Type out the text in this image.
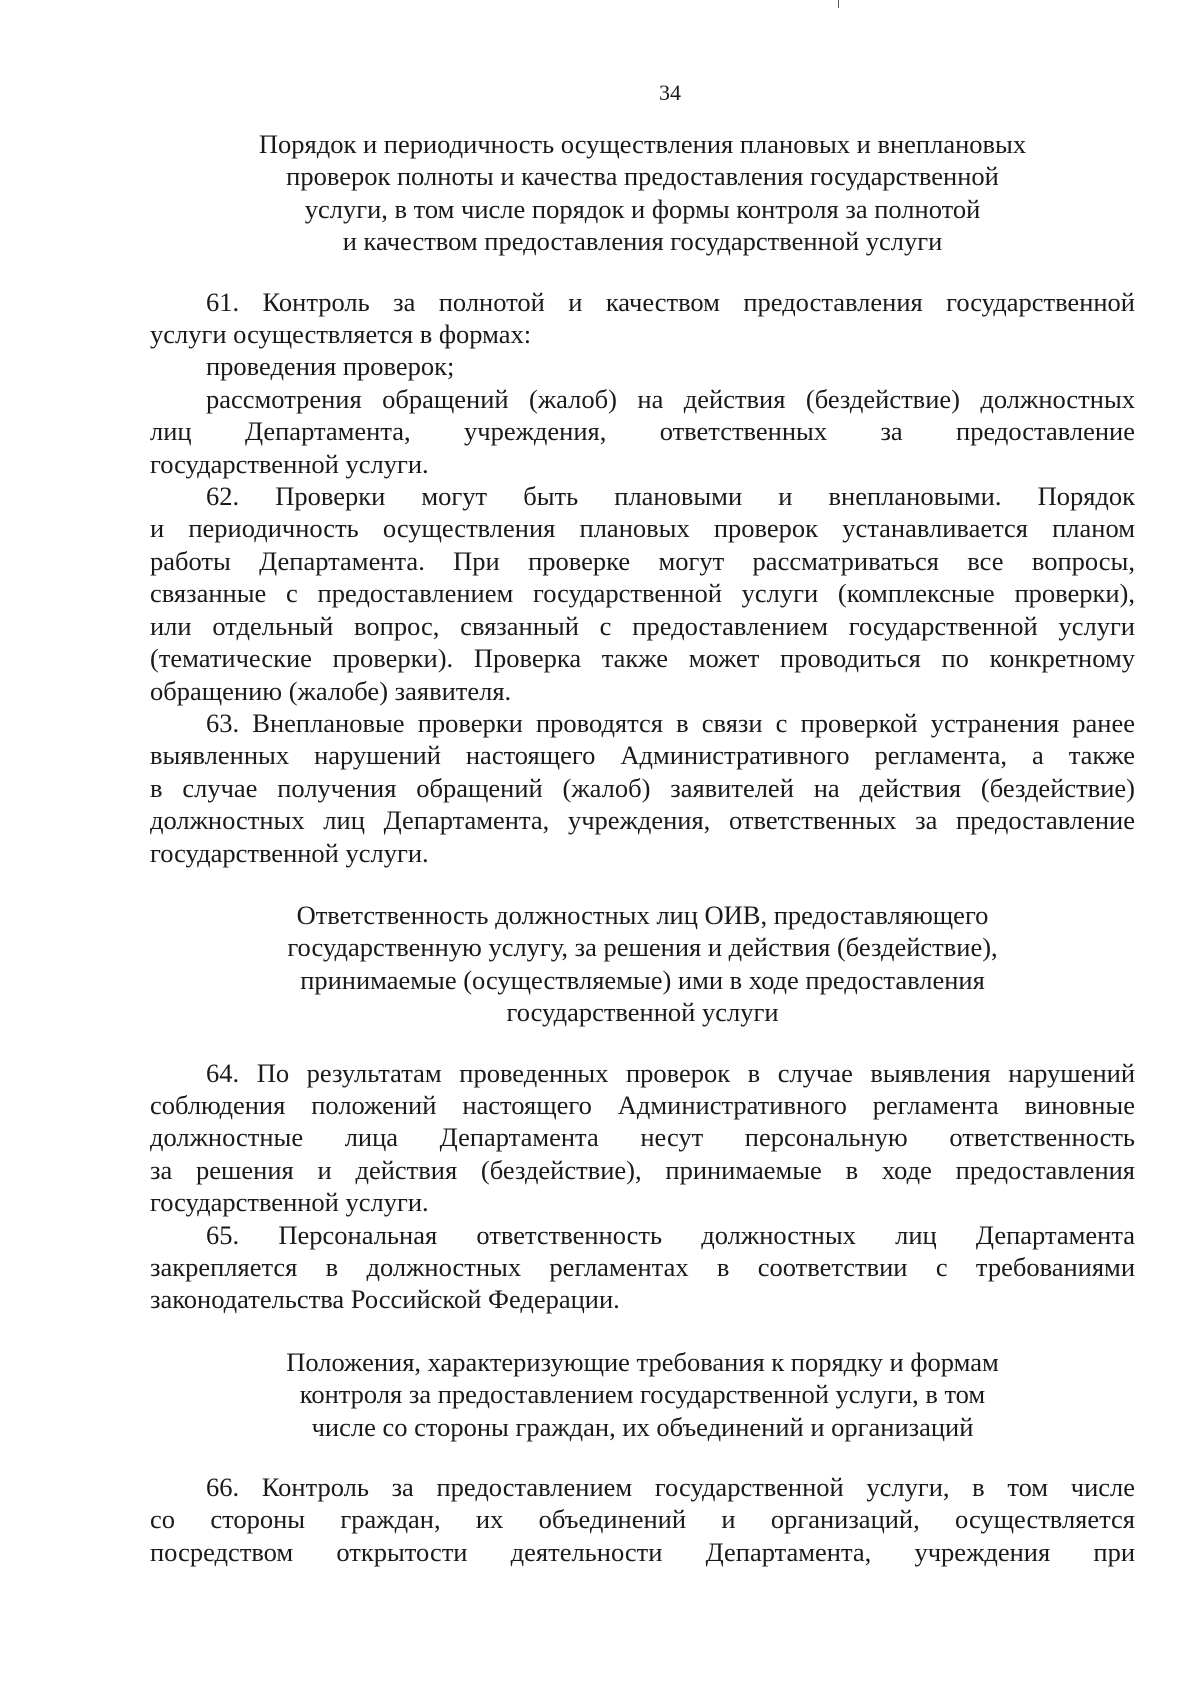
34
Порядок и периодичность осуществления плановых и внеплановых
проверок полноты и качества предоставления государственной
услуги, в том числе порядок и формы контроля за полнотой
и качеством предоставления государственной услуги
61. Контроль за полнотой и качеством предоставления государственной
услуги осуществляется в формах:
проведения проверок;
рассмотрения обращений (жалоб) на действия (бездействие) должностных
лиц Департамента, учреждения, ответственных за предоставление
государственной услуги.
62. Проверки могут быть плановыми и внеплановыми. Порядок
и периодичность осуществления плановых проверок устанавливается планом
работы Департамента. При проверке могут рассматриваться все вопросы,
связанные с предоставлением государственной услуги (комплексные проверки),
или отдельный вопрос, связанный с предоставлением государственной услуги
(тематические проверки). Проверка также может проводиться по конкретному
обращению (жалобе) заявителя.
63. Внеплановые проверки проводятся в связи с проверкой устранения ранее
выявленных нарушений настоящего Административного регламента, а также
в случае получения обращений (жалоб) заявителей на действия (бездействие)
должностных лиц Департамента, учреждения, ответственных за предоставление
государственной услуги.
Ответственность должностных лиц ОИВ, предоставляющего
государственную услугу, за решения и действия (бездействие),
принимаемые (осуществляемые) ими в ходе предоставления
государственной услуги
64. По результатам проведенных проверок в случае выявления нарушений
соблюдения положений настоящего Административного регламента виновные
должностные лица Департамента несут персональную ответственность
за решения и действия (бездействие), принимаемые в ходе предоставления
государственной услуги.
65. Персональная ответственность должностных лиц Департамента
закрепляется в должностных регламентах в соответствии с требованиями
законодательства Российской Федерации.
Положения, характеризующие требования к порядку и формам
контроля за предоставлением государственной услуги, в том
числе со стороны граждан, их объединений и организаций
66. Контроль за предоставлением государственной услуги, в том числе
со стороны граждан, их объединений и организаций, осуществляется
посредством открытости деятельности Департамента, учреждения при
